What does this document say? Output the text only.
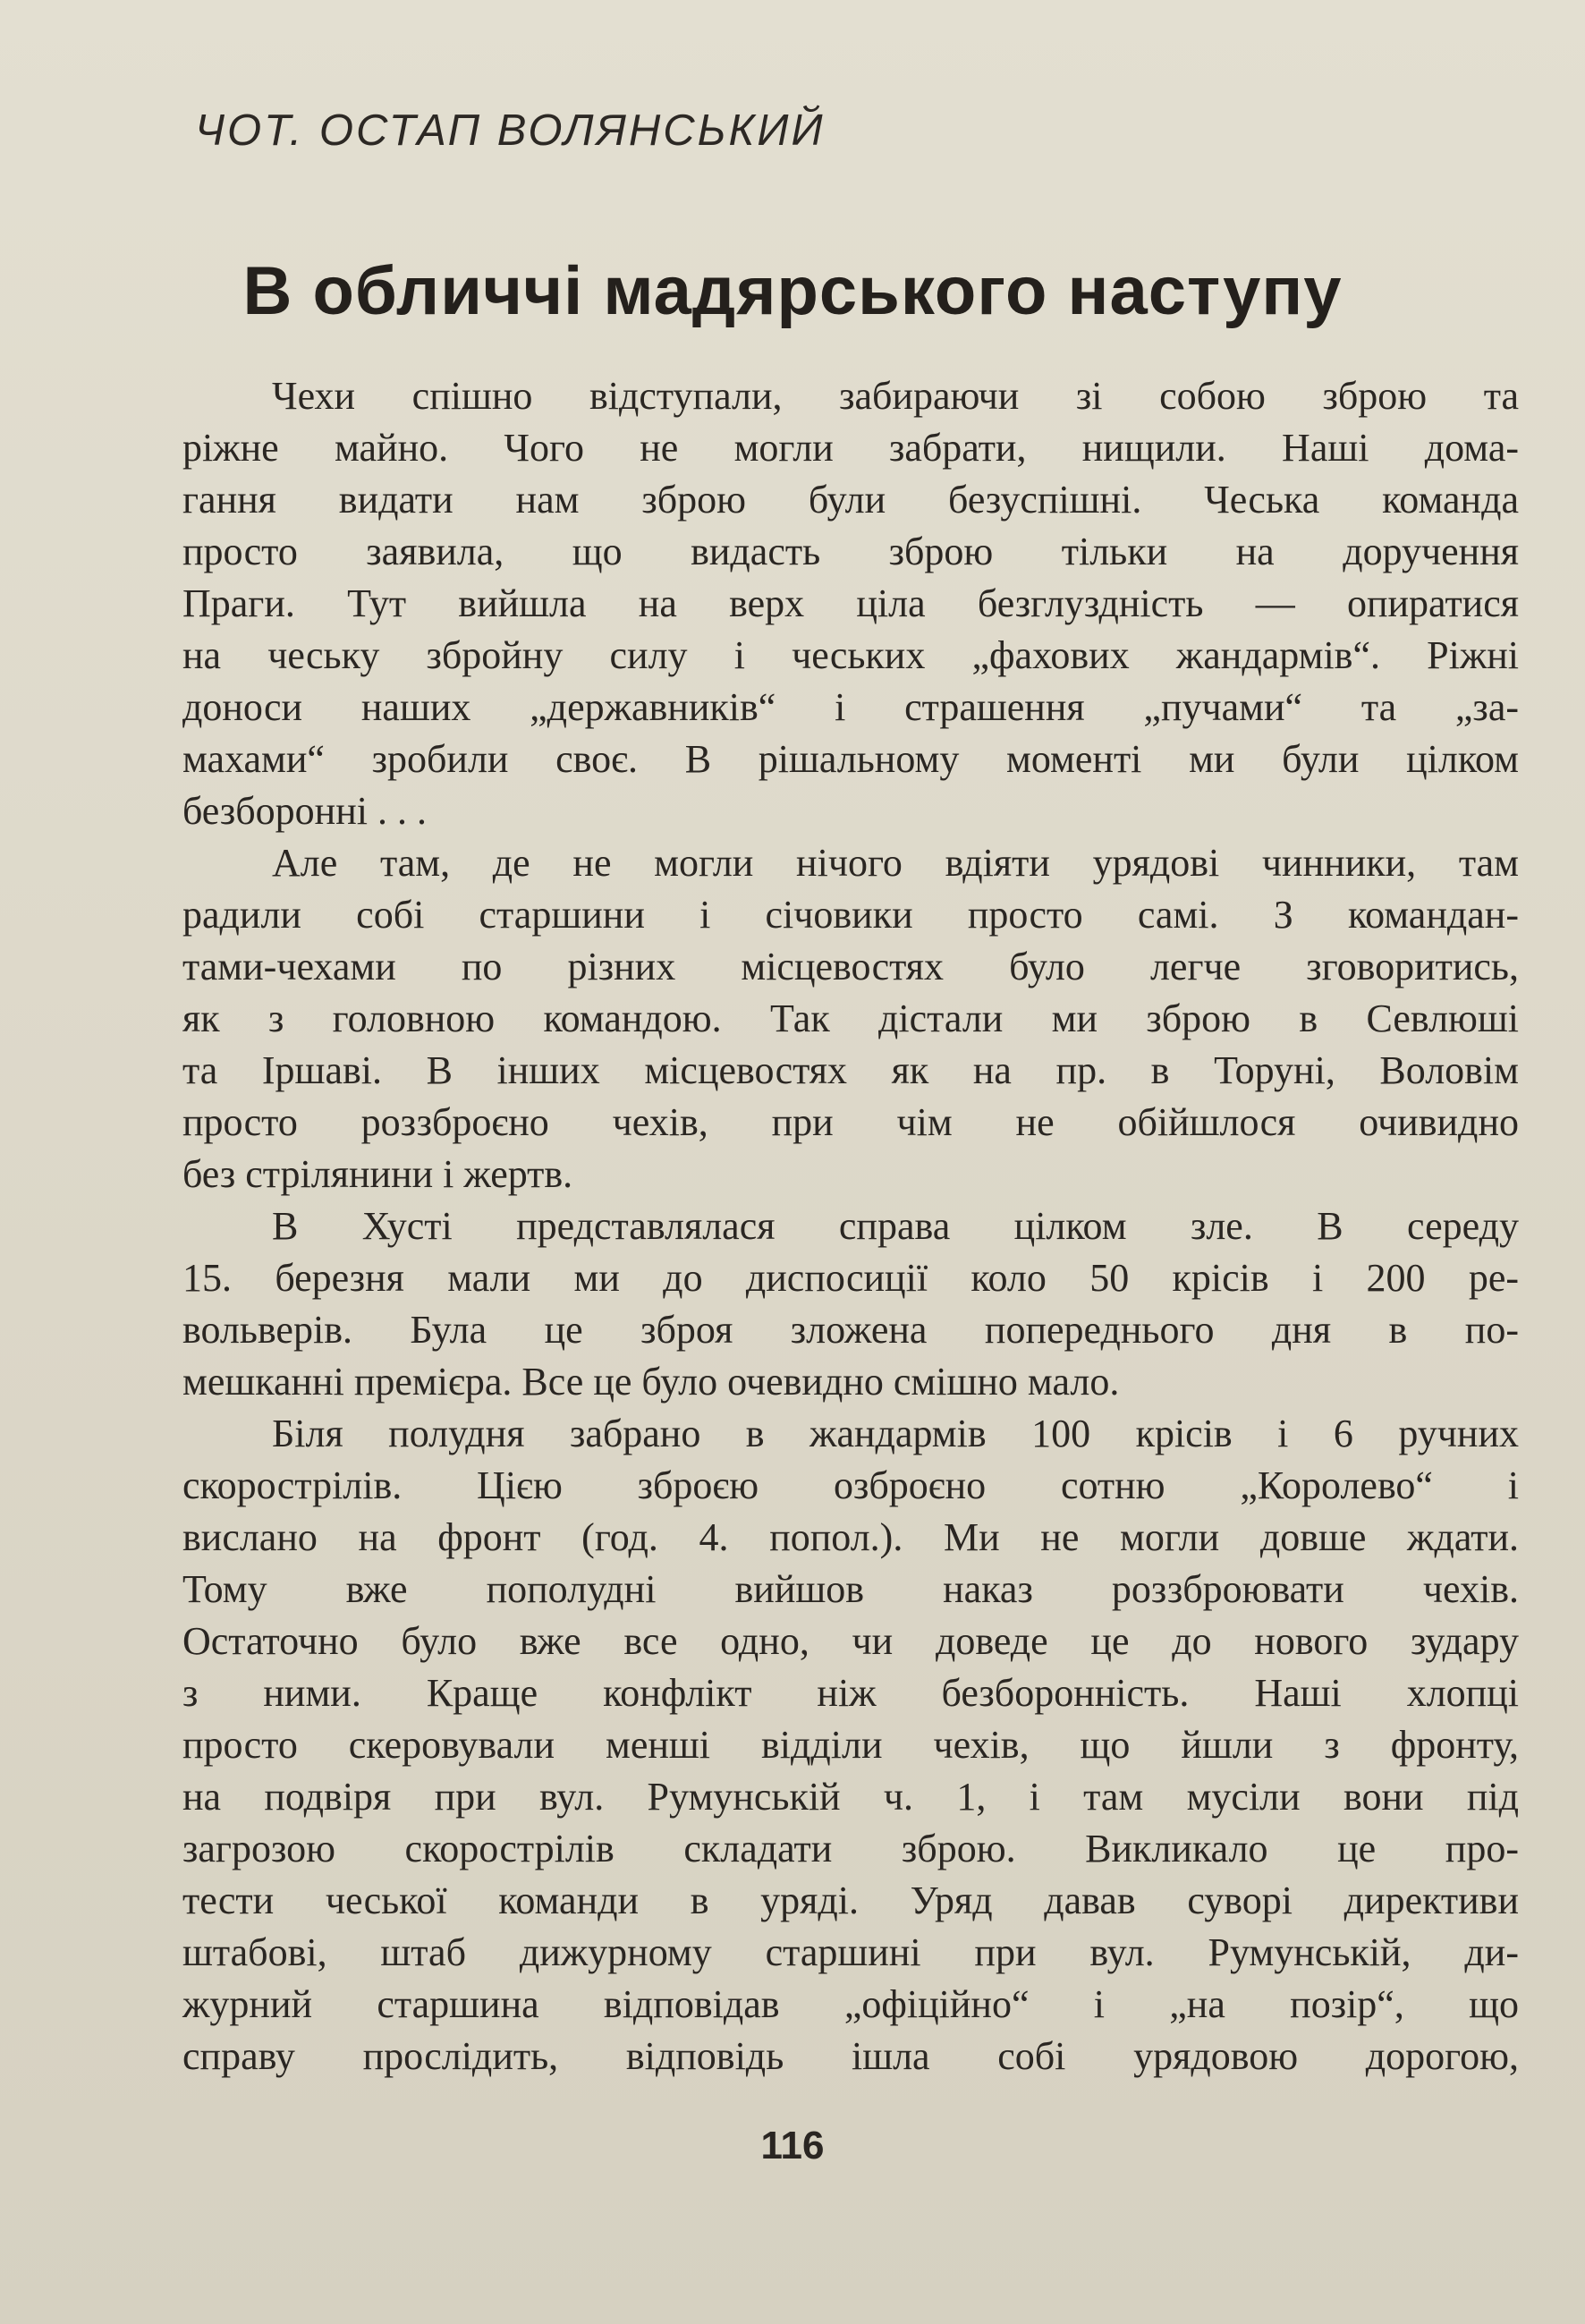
ЧОТ. ОСТАП ВОЛЯНСЬКИЙ
В обличчі мадярського наступу

Чехи спішно відступали, забираючи зі собою зброю та
ріжне майно. Чого не могли забрати, нищили. Наші дома-
гання видати нам зброю були безуспішні. Чеська команда
просто заявила, що видасть зброю тільки на доручення
Праги. Тут вийшла на верх ціла безглуздність — опиратися
на чеську збройну силу і чеських „фахових жандармів“. Ріжні
доноси наших „державників“ і страшення „пучами“ та „за-
махами“ зробили своє. В рішальному моменті ми були цілком
безборонні . . .

Але там, де не могли нічого вдіяти урядові чинники, там
радили собі старшини і січовики просто самі. З командан-
тами-чехами по різних місцевостях було легче зговоритись,
як з головною командою. Так дістали ми зброю в Севлюші
та Іршаві. В інших місцевостях як на пр. в Торуні, Воловім
просто роззброєно чехів, при чім не обійшлося очивидно
без стрілянини і жертв.

В Хусті представлялася справа цілком зле. В середу
15. березня мали ми до диспосиції коло 50 крісів і 200 ре-
вольверів. Була це зброя зложена попереднього дня в по-
мешканні премієра. Все це було очевидно смішно мало.

Біля полудня забрано в жандармів 100 крісів і 6 ручних
скорострілів. Цією зброєю озброєно сотню „Королево“ і
вислано на фронт (год. 4. попол.). Ми не могли довше ждати.
Тому вже пополудні вийшов наказ роззброювати чехів.
Остаточно було вже все одно, чи доведе це до нового зудару
з ними. Краще конфлікт ніж безборонність. Наші хлопці
просто скеровували менші відділи чехів, що йшли з фронту,
на подвіря при вул. Румунській ч. 1, і там мусіли вони під
загрозою скорострілів складати зброю. Викликало це про-
тести чеської команди в уряді. Уряд давав суворі директиви
штабові, штаб дижурному старшині при вул. Румунській, ди-
журний старшина відповідав „офіційно“ і „на позір“, що
справу прослідить, відповідь ішла собі урядовою дорогою,

116
